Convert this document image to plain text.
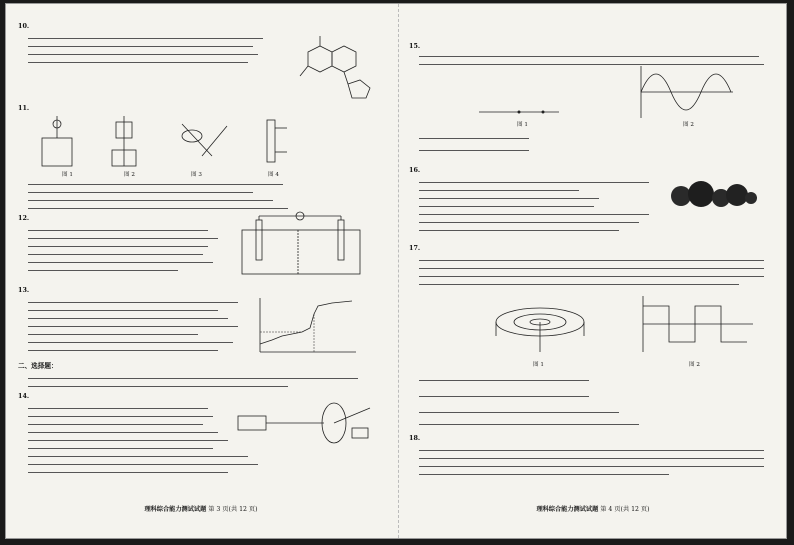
10.
11.
图 1	图 2	图 3	图 4
12.
13.
二、选择题：
14.
理科综合能力测试试题 第 3 页(共 12 页)
15.
图 1	图 2
16.
17.
图 1	图 2
18.
理科综合能力测试试题 第 4 页(共 12 页)
